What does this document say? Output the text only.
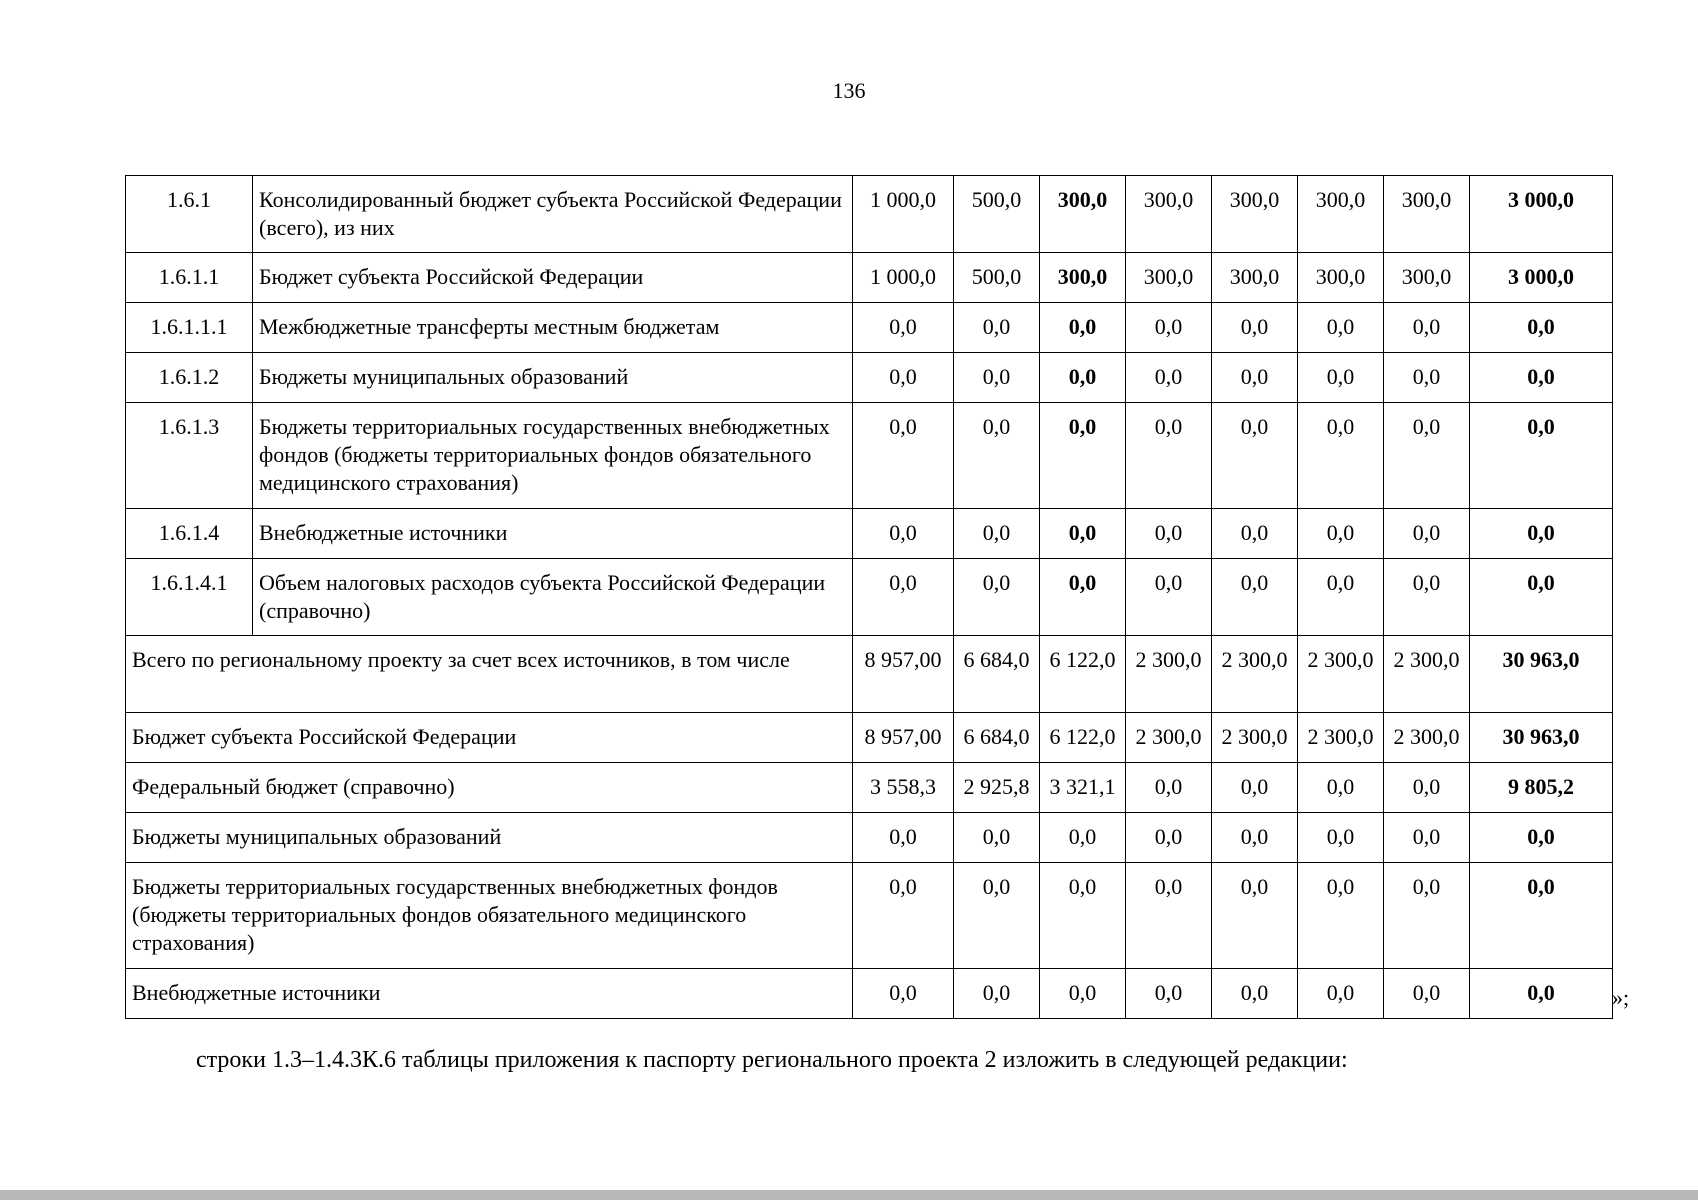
136
1.6.1	Консолидированный бюджет субъекта Российской Федерации (всего), из них	1 000,0	500,0	300,0	300,0	300,0	300,0	300,0	3 000,0
1.6.1.1	Бюджет субъекта Российской Федерации	1 000,0	500,0	300,0	300,0	300,0	300,0	300,0	3 000,0
1.6.1.1.1	Межбюджетные трансферты местным бюджетам	0,0	0,0	0,0	0,0	0,0	0,0	0,0	0,0
1.6.1.2	Бюджеты муниципальных образований	0,0	0,0	0,0	0,0	0,0	0,0	0,0	0,0
1.6.1.3	Бюджеты территориальных государственных внебюджетных фондов (бюджеты территориальных фондов обязательного медицинского страхования)	0,0	0,0	0,0	0,0	0,0	0,0	0,0	0,0
1.6.1.4	Внебюджетные источники	0,0	0,0	0,0	0,0	0,0	0,0	0,0	0,0
1.6.1.4.1	Объем налоговых расходов субъекта Российской Федерации (справочно)	0,0	0,0	0,0	0,0	0,0	0,0	0,0	0,0
Всего по региональному проекту за счет всех источников, в том числе		8 957,00	6 684,0	6 122,0	2 300,0	2 300,0	2 300,0	2 300,0	30 963,0
Бюджет субъекта Российской Федерации		8 957,00	6 684,0	6 122,0	2 300,0	2 300,0	2 300,0	2 300,0	30 963,0
Федеральный бюджет (справочно)		3 558,3	2 925,8	3 321,1	0,0	0,0	0,0	0,0	9 805,2
Бюджеты муниципальных образований		0,0	0,0	0,0	0,0	0,0	0,0	0,0	0,0
Бюджеты территориальных государственных внебюджетных фондов (бюджеты территориальных фондов обязательного медицинского страхования)		0,0	0,0	0,0	0,0	0,0	0,0	0,0	0,0
Внебюджетные источники		0,0	0,0	0,0	0,0	0,0	0,0	0,0	0,0	»;
строки 1.3–1.4.3К.6 таблицы приложения к паспорту регионального проекта 2 изложить в следующей редакции:
